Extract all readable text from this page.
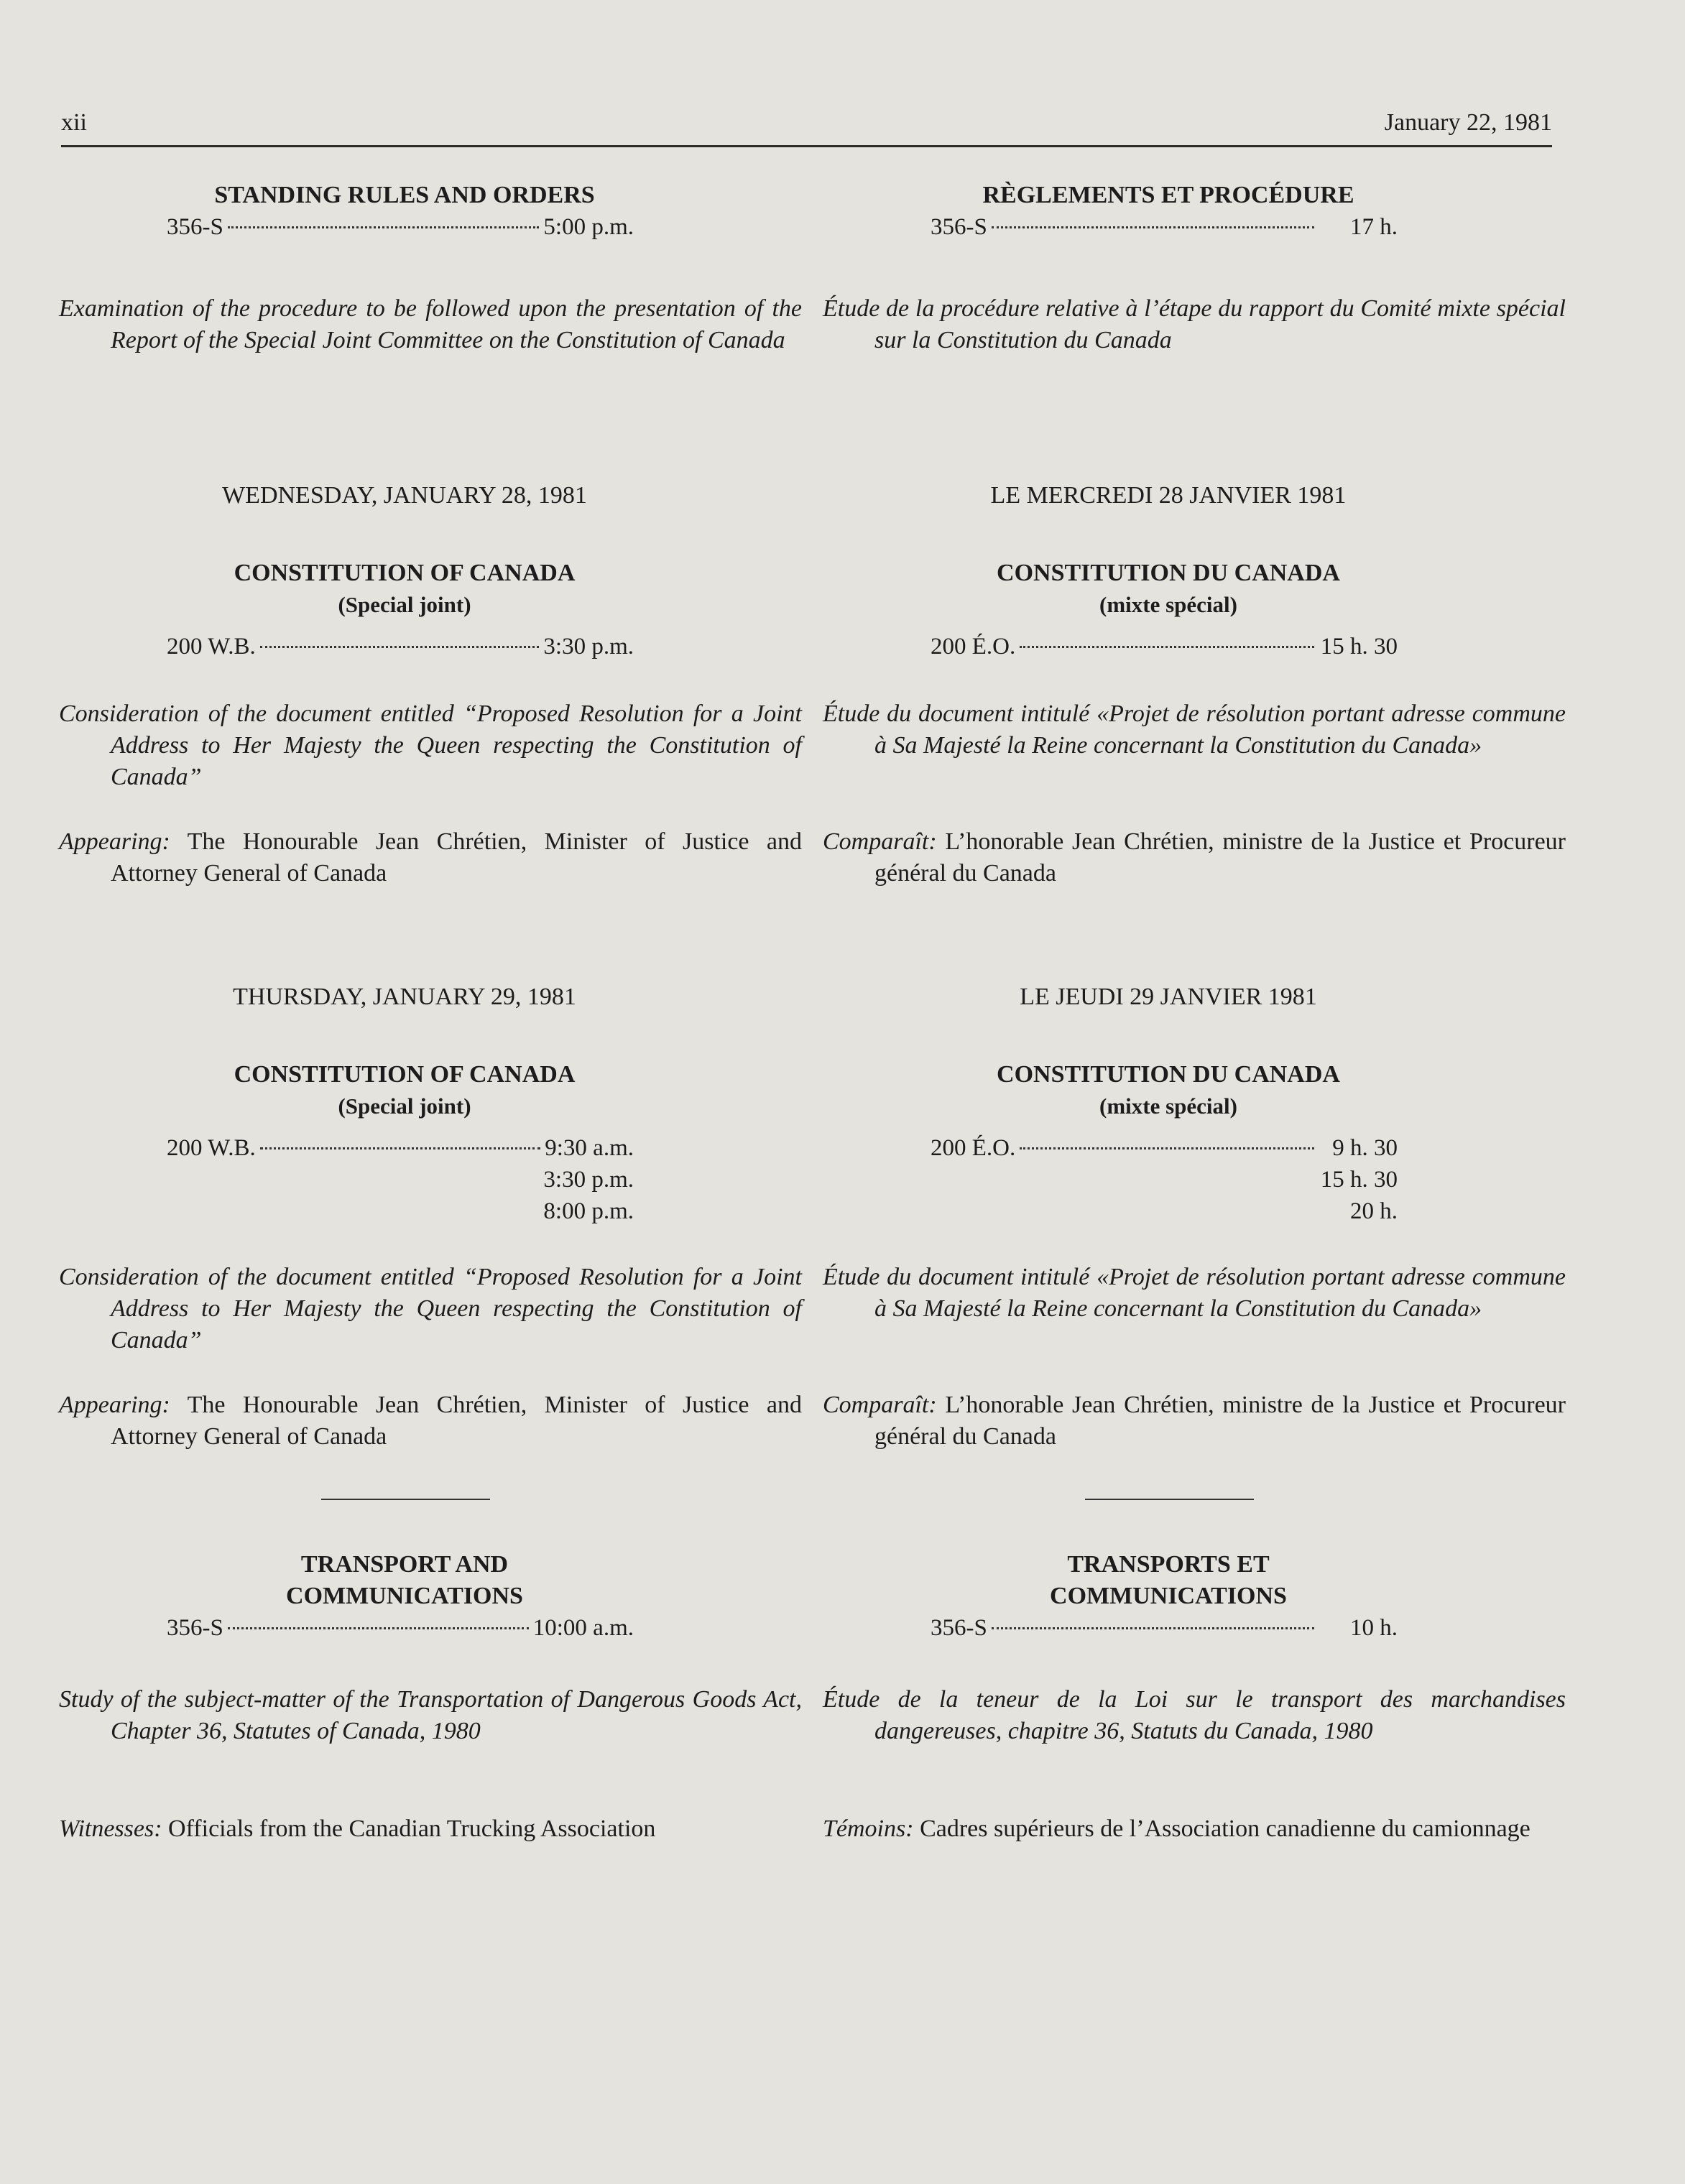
xii	January 22, 1981
STANDING RULES AND ORDERS
356-S	5:00 p.m.
Examination of the procedure to be followed upon the presentation of the Report of the Special Joint Committee on the Constitution of Canada
WEDNESDAY, JANUARY 28, 1981
CONSTITUTION OF CANADA
(Special joint)
200 W.B.	3:30 p.m.
Consideration of the document entitled “Proposed Resolution for a Joint Address to Her Majesty the Queen respecting the Constitution of Canada”
Appearing: The Honourable Jean Chrétien, Minister of Justice and Attorney General of Canada
THURSDAY, JANUARY 29, 1981
CONSTITUTION OF CANADA
(Special joint)
200 W.B.	9:30 a.m.
3:30 p.m.
8:00 p.m.
Consideration of the document entitled “Proposed Resolution for a Joint Address to Her Majesty the Queen respecting the Constitution of Canada”
Appearing: The Honourable Jean Chrétien, Minister of Justice and Attorney General of Canada
TRANSPORT AND
COMMUNICATIONS
356-S	10:00 a.m.
Study of the subject-matter of the Transportation of Dangerous Goods Act, Chapter 36, Statutes of Canada, 1980
Witnesses: Officials from the Canadian Trucking Association
RÈGLEMENTS ET PROCÉDURE
356-S	17 h.
Étude de la procédure relative à l’étape du rapport du Comité mixte spécial sur la Constitution du Canada
LE MERCREDI 28 JANVIER 1981
CONSTITUTION DU CANADA
(mixte spécial)
200 É.O.	15 h. 30
Étude du document intitulé «Projet de résolution portant adresse commune à Sa Majesté la Reine concernant la Constitution du Canada»
Comparaît: L’honorable Jean Chrétien, ministre de la Justice et Procureur général du Canada
LE JEUDI 29 JANVIER 1981
CONSTITUTION DU CANADA
(mixte spécial)
200 É.O.	9 h. 30
15 h. 30
20 h.
Étude du document intitulé «Projet de résolution portant adresse commune à Sa Majesté la Reine concernant la Constitution du Canada»
Comparaît: L’honorable Jean Chrétien, ministre de la Justice et Procureur général du Canada
TRANSPORTS ET
COMMUNICATIONS
356-S	10 h.
Étude de la teneur de la Loi sur le transport des marchandises dangereuses, chapitre 36, Statuts du Canada, 1980
Témoins: Cadres supérieurs de l’Association canadienne du camionnage
